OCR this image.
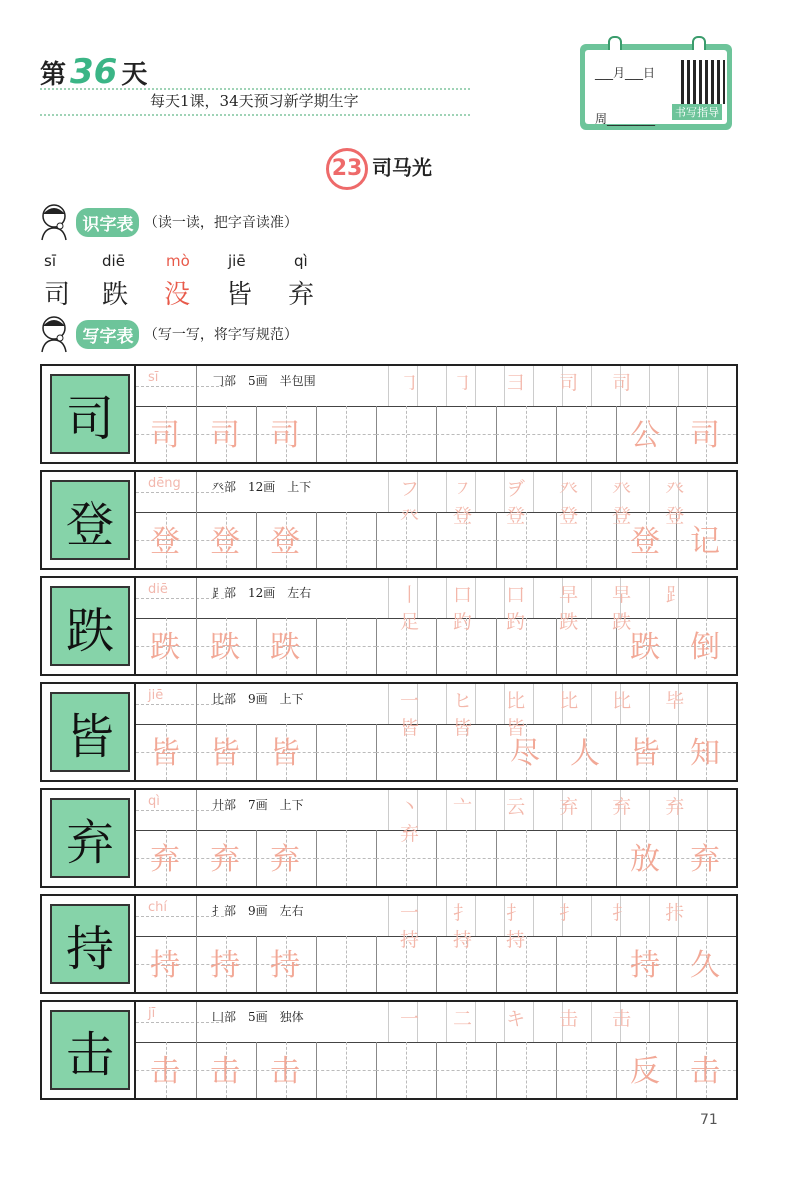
第 36 天
每天1课，34天预习新学期生字
___月___日
周________ 书写指导
23 司马光
识字表 （读一读，把字音读准）
sī	diē	mò	jiē	qì
司	跌	没	皆	弃
写字表 （写一写，将字写规范）
司
sī	𠃌部　5画　半包围	㇆ ㇆ 彐 司 司
司 司 司	公 司
登
dēng	癶部　12画　上下	フ ㇇ ヺ 癶 癶 癶 癶 登 登 登 登 登
登 登 登	登 记
跌
diē	⻊部　12画　左右	丨 口 口 早 早 ⻊ 足 趵 趵 跌 跌
跌 跌 跌	跌 倒
皆
jiē	比部　9画　上下	一 ヒ 比 比 比 毕 皆 皆 皆
皆 皆 皆	尽 人 皆 知
弃
qì	廾部　7画　上下	丶 亠 云 弃 弃 弃 弃
弃 弃 弃	放 弃
持
chí	扌部　9画　左右	一 扌 扌 扌 扌 拤 持 持 持
持 持 持	持 久
击
jī	凵部　5画　独体	一 二 キ 击 击
击 击 击	反 击
71
